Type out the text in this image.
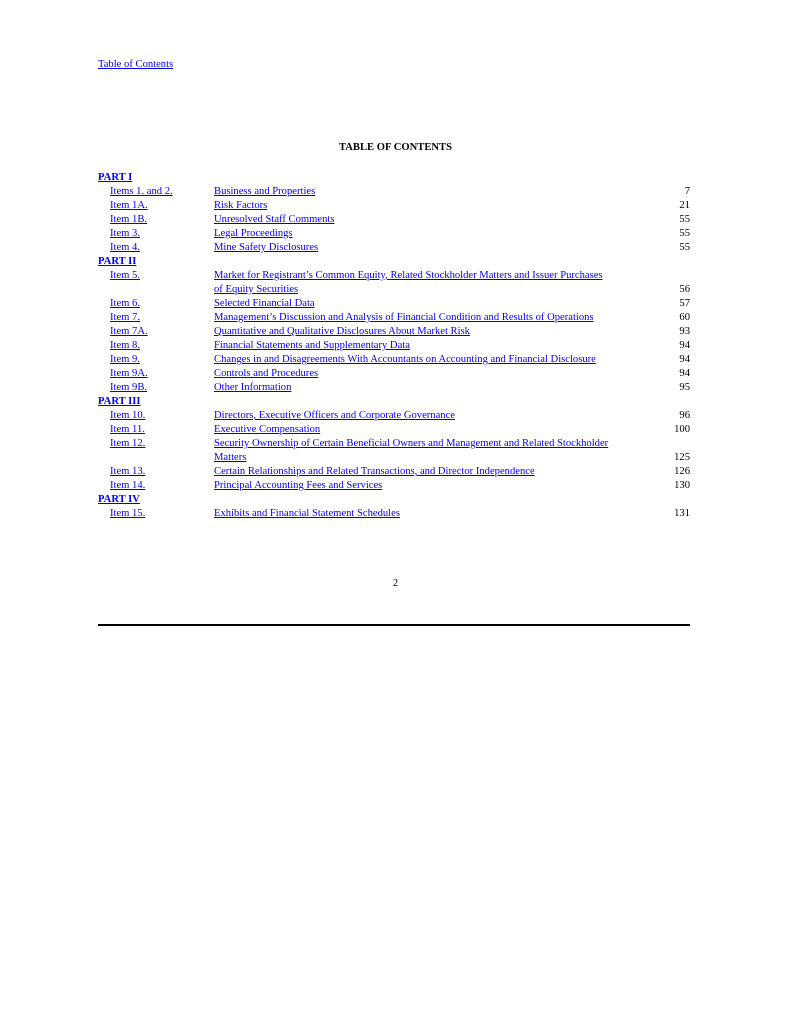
Table of Contents
TABLE OF CONTENTS
PART I
Items 1. and 2.	Business and Properties	7
Item 1A.	Risk Factors	21
Item 1B.	Unresolved Staff Comments	55
Item 3.	Legal Proceedings	55
Item 4.	Mine Safety Disclosures	55
PART II
Item 5.	Market for Registrant’s Common Equity, Related Stockholder Matters and Issuer Purchases
of Equity Securities	56
Item 6.	Selected Financial Data	57
Item 7.	Management’s Discussion and Analysis of Financial Condition and Results of Operations	60
Item 7A.	Quantitative and Qualitative Disclosures About Market Risk	93
Item 8.	Financial Statements and Supplementary Data	94
Item 9.	Changes in and Disagreements With Accountants on Accounting and Financial Disclosure	94
Item 9A.	Controls and Procedures	94
Item 9B.	Other Information	95
PART III
Item 10.	Directors, Executive Officers and Corporate Governance	96
Item 11.	Executive Compensation	100
Item 12.	Security Ownership of Certain Beneficial Owners and Management and Related Stockholder
Matters	125
Item 13.	Certain Relationships and Related Transactions, and Director Independence	126
Item 14.	Principal Accounting Fees and Services	130
PART IV
Item 15.	Exhibits and Financial Statement Schedules	131
2
